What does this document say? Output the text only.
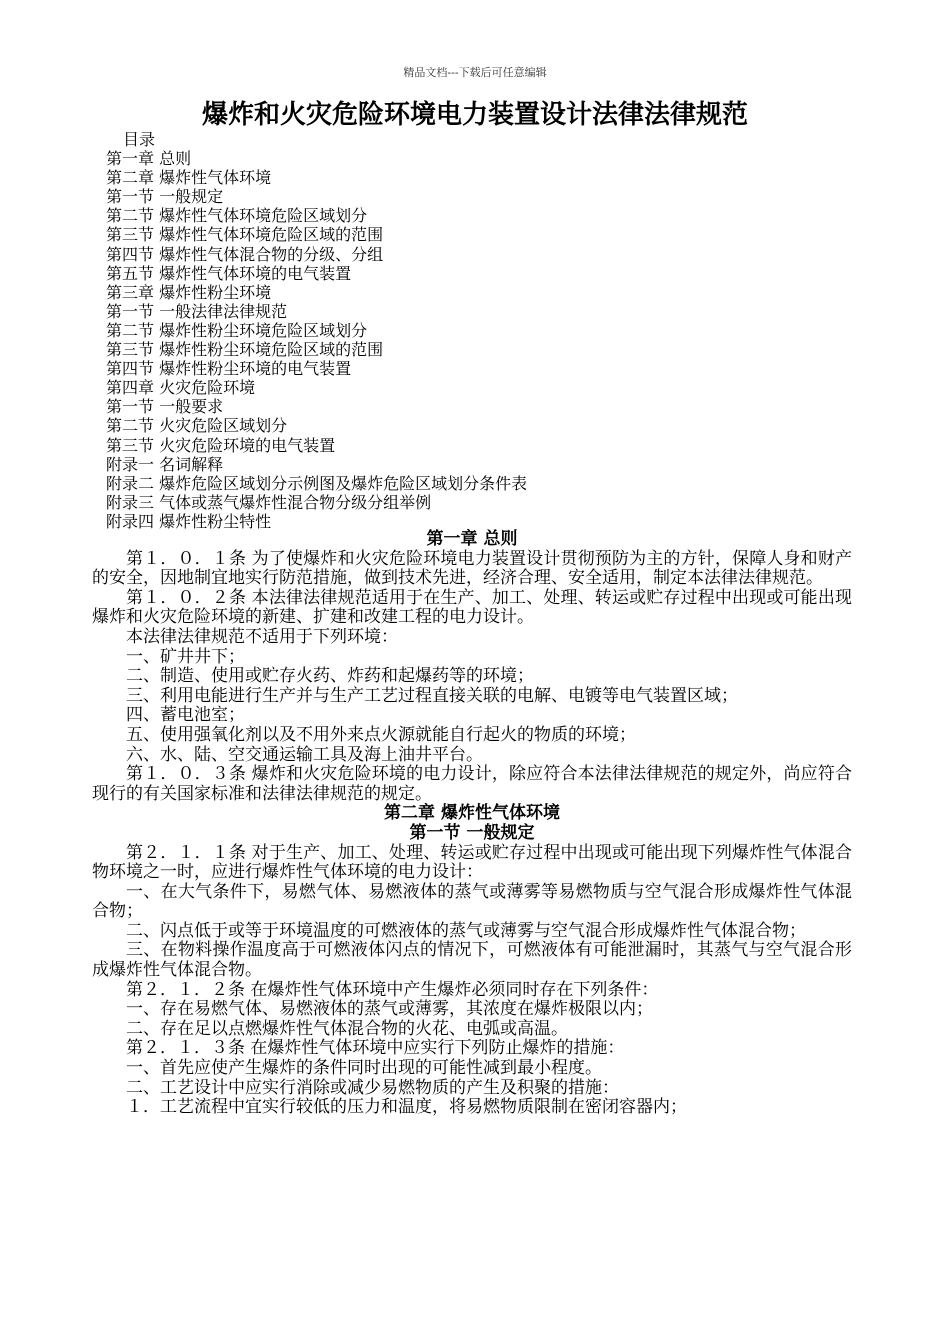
精品文档---下载后可任意编辑
爆炸和火灾危险环境电力装置设计法律法律规范
目录
第一章 总则
第二章 爆炸性气体环境
第一节 一般规定
第二节 爆炸性气体环境危险区域划分
第三节 爆炸性气体环境危险区域的范围
第四节 爆炸性气体混合物的分级、分组
第五节 爆炸性气体环境的电气装置
第三章 爆炸性粉尘环境
第一节 一般法律法律规范
第二节 爆炸性粉尘环境危险区域划分
第三节 爆炸性粉尘环境危险区域的范围
第四节 爆炸性粉尘环境的电气装置
第四章 火灾危险环境
第一节 一般要求
第二节 火灾危险区域划分
第三节 火灾危险环境的电气装置
附录一 名词解释
附录二 爆炸危险区域划分示例图及爆炸危险区域划分条件表
附录三 气体或蒸气爆炸性混合物分级分组举例
附录四 爆炸性粉尘特性

第一章 总则

第１．０．１条 为了使爆炸和火灾危险环境电力装置设计贯彻预防为主的方针，保障人身和财产的安全，因地制宜地实行防范措施，做到技术先进，经济合理、安全适用，制定本法律法律规范。

第１．０．２条 本法律法律规范适用于在生产、加工、处理、转运或贮存过程中出现或可能出现爆炸和火灾危险环境的新建、扩建和改建工程的电力设计。

本法律法律规范不适用于下列环境：

一、矿井井下；

二、制造、使用或贮存火药、炸药和起爆药等的环境；

三、利用电能进行生产并与生产工艺过程直接关联的电解、电镀等电气装置区域；

四、蓄电池室；

五、使用强氧化剂以及不用外来点火源就能自行起火的物质的环境；

六、水、陆、空交通运输工具及海上油井平台。

第１．０．３条 爆炸和火灾危险环境的电力设计，除应符合本法律法律规范的规定外，尚应符合现行的有关国家标准和法律法律规范的规定。

第二章 爆炸性气体环境

第一节 一般规定

第２．１．１条 对于生产、加工、处理、转运或贮存过程中出现或可能出现下列爆炸性气体混合物环境之一时，应进行爆炸性气体环境的电力设计：

一、在大气条件下，易燃气体、易燃液体的蒸气或薄雾等易燃物质与空气混合形成爆炸性气体混合物；

二、闪点低于或等于环境温度的可燃液体的蒸气或薄雾与空气混合形成爆炸性气体混合物；

三、在物料操作温度高于可燃液体闪点的情况下，可燃液体有可能泄漏时，其蒸气与空气混合形成爆炸性气体混合物。

第２．１．２条 在爆炸性气体环境中产生爆炸必须同时存在下列条件：

一、存在易燃气体、易燃液体的蒸气或薄雾，其浓度在爆炸极限以内；

二、存在足以点燃爆炸性气体混合物的火花、电弧或高温。

第２．１．３条 在爆炸性气体环境中应实行下列防止爆炸的措施：

一、首先应使产生爆炸的条件同时出现的可能性减到最小程度。

二、工艺设计中应实行消除或减少易燃物质的产生及积聚的措施：

１．工艺流程中宜实行较低的压力和温度，将易燃物质限制在密闭容器内；
